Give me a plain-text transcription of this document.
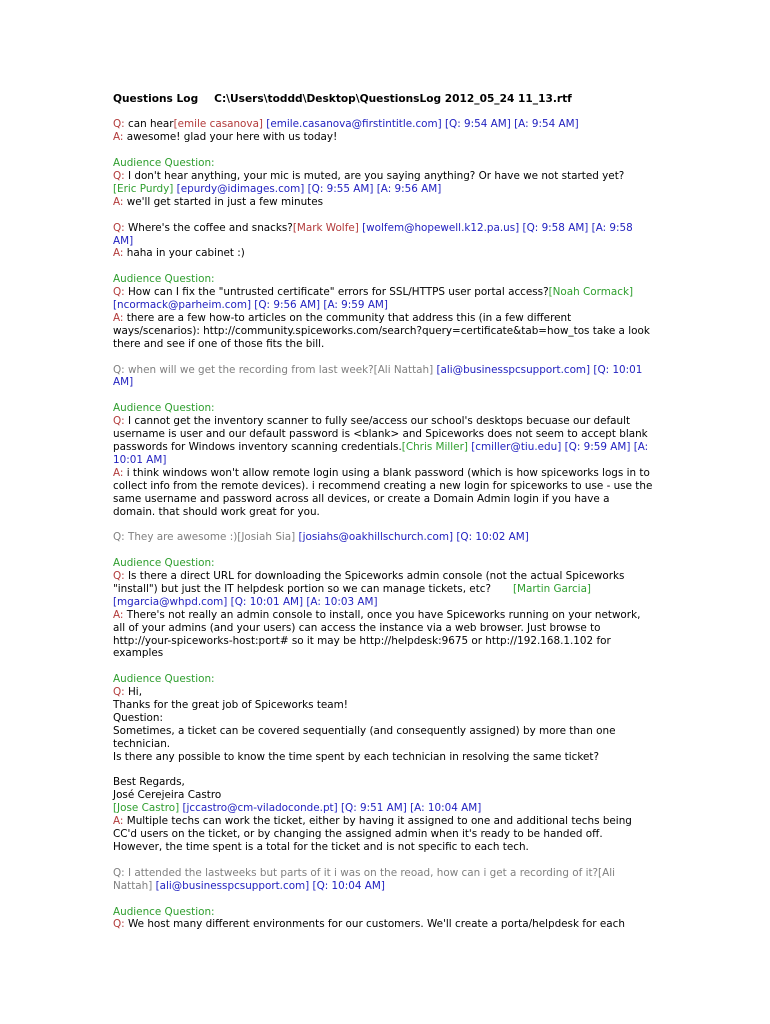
Questions Log C:\Users\toddd\Desktop\QuestionsLog 2012_05_24 11_13.rtf
Q: can hear[emile casanova] [emile.casanova@firstintitle.com] [Q: 9:54 AM] [A: 9:54 AM]
A: awesome! glad your here with us today!
Audience Question:
Q: I don't hear anything, your mic is muted, are you saying anything? Or have we not started yet?
[Eric Purdy] [epurdy@idimages.com] [Q: 9:55 AM] [A: 9:56 AM]
A: we'll get started in just a few minutes
Q: Where's the coffee and snacks?[Mark Wolfe] [wolfem@hopewell.k12.pa.us] [Q: 9:58 AM] [A: 9:58 AM]
A: haha in your cabinet :)
Audience Question:
Q: How can I fix the "untrusted certificate" errors for SSL/HTTPS user portal access?[Noah Cormack]
[ncormack@parheim.com] [Q: 9:56 AM] [A: 9:59 AM]
A: there are a few how-to articles on the community that address this (in a few different ways/scenarios): http://community.spiceworks.com/search?query=certificate&tab=how_tos take a look there and see if one of those fits the bill.
Q: when will we get the recording from last week?[Ali Nattah] [ali@businesspcsupport.com] [Q: 10:01 AM]
Audience Question:
Q: I cannot get the inventory scanner to fully see/access our school's desktops becuase our default username is user and our default password is <blank> and Spiceworks does not seem to accept blank passwords for Windows inventory scanning credentials.[Chris Miller] [cmiller@tiu.edu] [Q: 9:59 AM] [A: 10:01 AM]
A: i think windows won't allow remote login using a blank password (which is how spiceworks logs in to collect info from the remote devices). i recommend creating a new login for spiceworks to use - use the same username and password across all devices, or create a Domain Admin login if you have a domain. that should work great for you.
Q: They are awesome :)[Josiah Sia] [josiahs@oakhillschurch.com] [Q: 10:02 AM]
Audience Question:
Q: Is there a direct URL for downloading the Spiceworks admin console (not the actual Spiceworks "install") but just the IT helpdesk portion so we can manage tickets, etc? [Martin Garcia]
[mgarcia@whpd.com] [Q: 10:01 AM] [A: 10:03 AM]
A: There's not really an admin console to install, once you have Spiceworks running on your network, all of your admins (and your users) can access the instance via a web browser. Just browse to http://your-spiceworks-host:port# so it may be http://helpdesk:9675 or http://192.168.1.102 for examples
Audience Question:
Q: Hi,
Thanks for the great job of Spiceworks team!
Question:
Sometimes, a ticket can be covered sequentially (and consequently assigned) by more than one technician.
Is there any possible to know the time spent by each technician in resolving the same ticket?
Best Regards,
José Cerejeira Castro
[Jose Castro] [jccastro@cm-viladoconde.pt] [Q: 9:51 AM] [A: 10:04 AM]
A: Multiple techs can work the ticket, either by having it assigned to one and additional techs being CC'd users on the ticket, or by changing the assigned admin when it's ready to be handed off. However, the time spent is a total for the ticket and is not specific to each tech.
Q: I attended the lastweeks but parts of it i was on the reoad, how can i get a recording of it?[Ali Nattah] [ali@businesspcsupport.com] [Q: 10:04 AM]
Audience Question:
Q: We host many different environments for our customers. We'll create a porta/helpdesk for each
